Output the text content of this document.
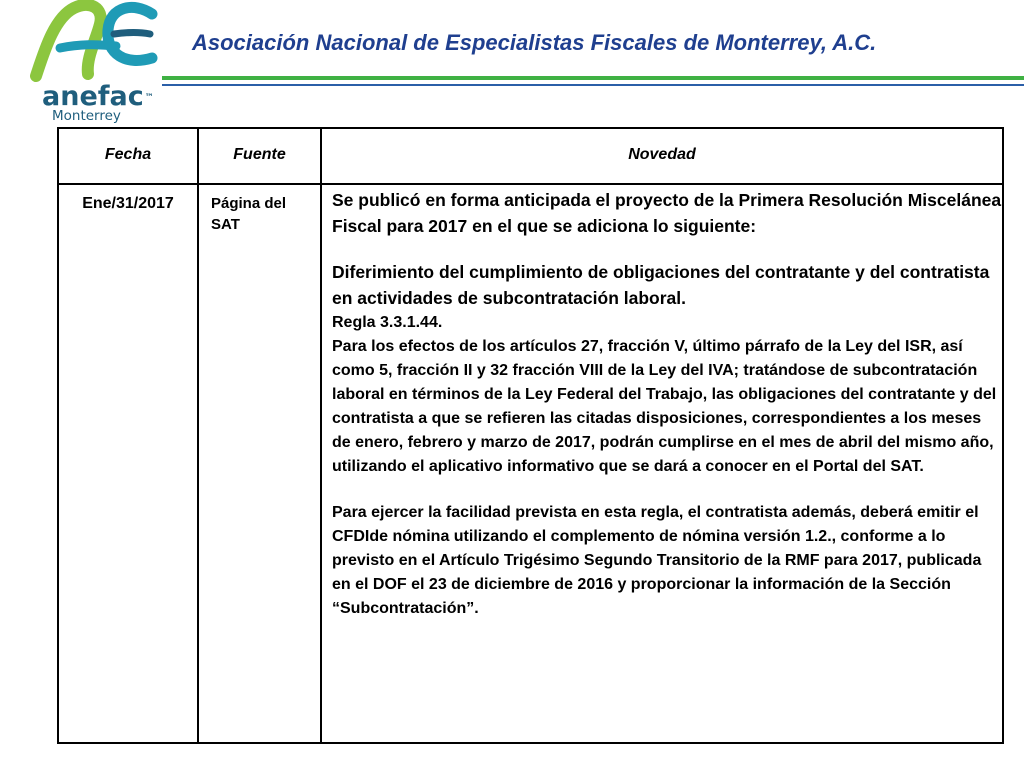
anefac™
Monterrey
Asociación Nacional de Especialistas Fiscales de Monterrey, A.C.
Fecha	Fuente	Novedad
Ene/31/2017	Página del SAT	Se publicó en forma anticipada el proyecto de la Primera Resolución Miscelánea Fiscal para 2017 en el que se adiciona lo siguiente:

Diferimiento del cumplimiento de obligaciones del contratante y del contratista en actividades de subcontratación laboral.

Regla 3.3.1.44.

Para los efectos de los artículos 27, fracción V, último párrafo de la Ley del ISR, así como 5, fracción II y 32 fracción VIII de la Ley del IVA; tratándose de subcontratación laboral en términos de la Ley Federal del Trabajo, las obligaciones del contratante y del contratista a que se refieren las citadas disposiciones, correspondientes a los meses de enero, febrero y marzo de 2017, podrán cumplirse en el mes de abril del mismo año, utilizando el aplicativo informativo que se dará a conocer en el Portal del SAT.

Para ejercer la facilidad prevista en esta regla, el contratista además, deberá emitir el CFDIde nómina utilizando el complemento de nómina versión 1.2., conforme a lo previsto en el Artículo Trigésimo Segundo Transitorio de la RMF para 2017, publicada en el DOF el 23 de diciembre de 2016 y proporcionar la información de la Sección “Subcontratación”.
